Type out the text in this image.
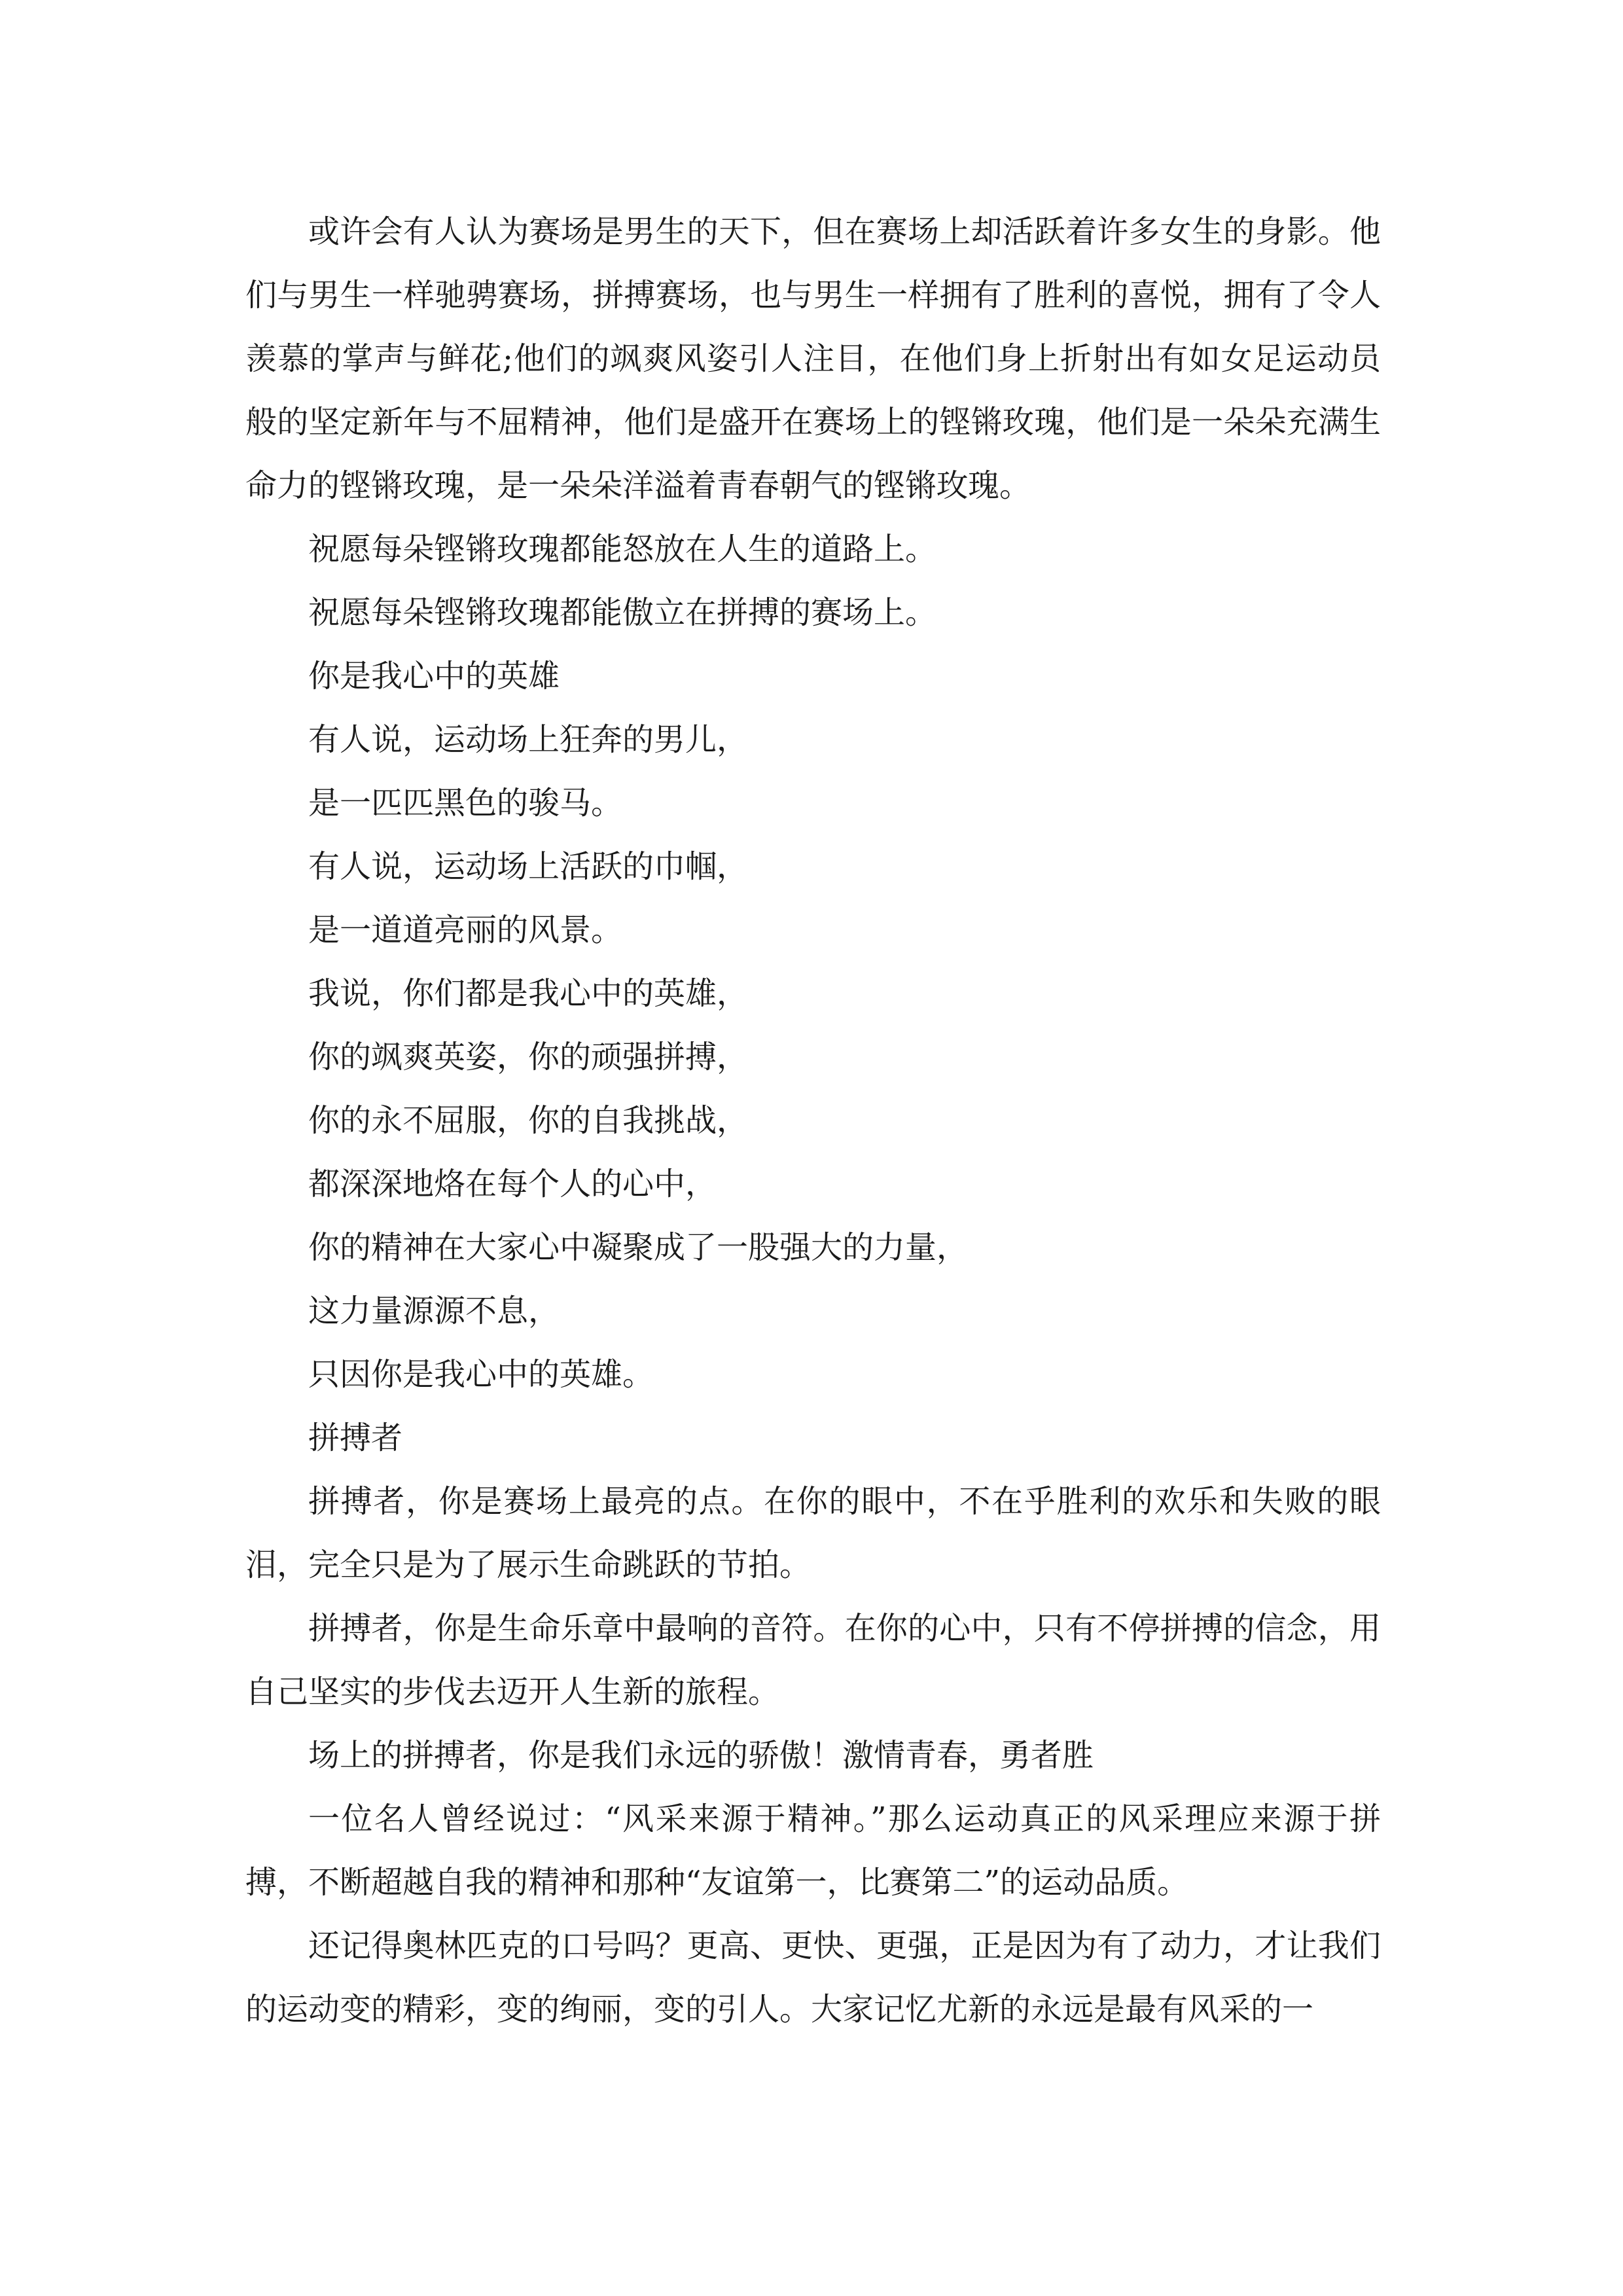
或许会有人认为赛场是男生的天下，但在赛场上却活跃着许多女生的身影。他们与男生一样驰骋赛场，拼搏赛场，也与男生一样拥有了胜利的喜悦，拥有了令人羡慕的掌声与鲜花;他们的飒爽风姿引人注目，在他们身上折射出有如女足运动员般的坚定新年与不屈精神，他们是盛开在赛场上的铿锵玫瑰，他们是一朵朵充满生命力的铿锵玫瑰，是一朵朵洋溢着青春朝气的铿锵玫瑰。

祝愿每朵铿锵玫瑰都能怒放在人生的道路上。

祝愿每朵铿锵玫瑰都能傲立在拼搏的赛场上。

你是我心中的英雄

有人说，运动场上狂奔的男儿，

是一匹匹黑色的骏马。

有人说，运动场上活跃的巾帼，

是一道道亮丽的风景。

我说，你们都是我心中的英雄，

你的飒爽英姿，你的顽强拼搏，

你的永不屈服，你的自我挑战，

都深深地烙在每个人的心中，

你的精神在大家心中凝聚成了一股强大的力量，

这力量源源不息，

只因你是我心中的英雄。

拼搏者

拼搏者，你是赛场上最亮的点。在你的眼中，不在乎胜利的欢乐和失败的眼泪，完全只是为了展示生命跳跃的节拍。

拼搏者，你是生命乐章中最响的音符。在你的心中，只有不停拼搏的信念，用自己坚实的步伐去迈开人生新的旅程。

场上的拼搏者，你是我们永远的骄傲！激情青春，勇者胜

一位名人曾经说过：“风采来源于精神。”那么运动真正的风采理应来源于拼搏，不断超越自我的精神和那种“友谊第一，比赛第二”的运动品质。

还记得奥林匹克的口号吗？更高、更快、更强，正是因为有了动力，才让我们的运动变的精彩，变的绚丽，变的引人。大家记忆尤新的永远是最有风采的一
